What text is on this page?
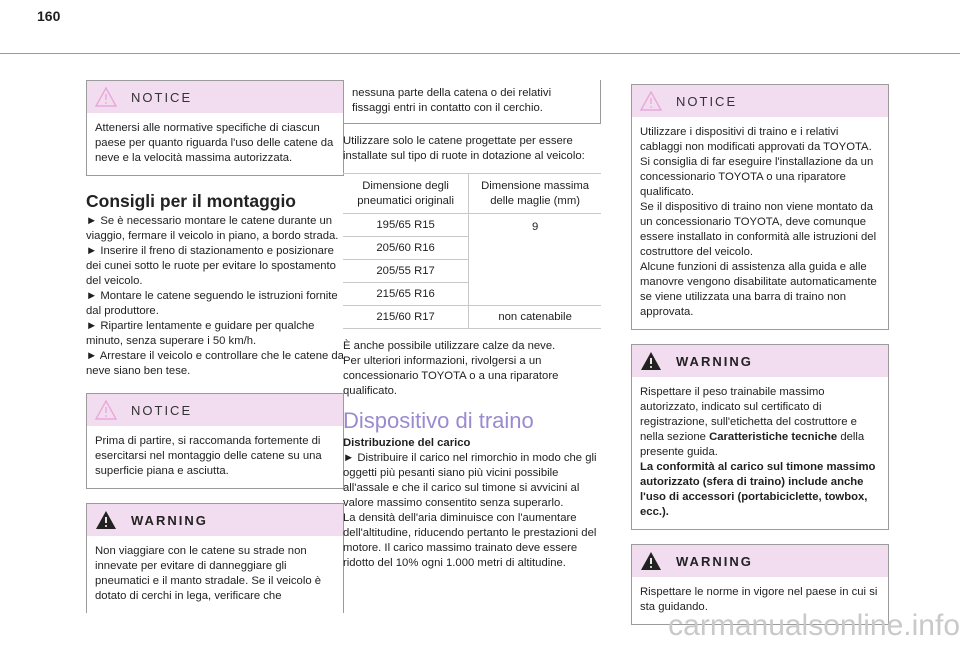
160
NOTICE

Attenersi alle normative specifiche di ciascun paese per quanto riguarda l'uso delle catene da neve e la velocità massima autorizzata.

Consigli per il montaggio

► Se è necessario montare le catene durante un viaggio, fermare il veicolo in piano, a bordo strada.

► Inserire il freno di stazionamento e posizionare dei cunei sotto le ruote per evitare lo spostamento del veicolo.

► Montare le catene seguendo le istruzioni fornite dal produttore.

► Ripartire lentamente e guidare per qualche minuto, senza superare i 50 km/h.

► Arrestare il veicolo e controllare che le catene da neve siano ben tese.

NOTICE

Prima di partire, si raccomanda fortemente di esercitarsi nel montaggio delle catene su una superficie piana e asciutta.

WARNING

Non viaggiare con le catene su strade non innevate per evitare di danneggiare gli pneumatici e il manto stradale. Se il veicolo è dotato di cerchi in lega, verificare che

nessuna parte della catena o dei relativi fissaggi entri in contatto con il cerchio.

Utilizzare solo le catene progettate per essere installate sul tipo di ruote in dotazione al veicolo:

Dimensione degli pneumatici originali	Dimensione massima delle maglie (mm)
195/65 R15	9
205/60 R16	
205/55 R17	
215/65 R16	
215/60 R17	non catenabile

È anche possibile utilizzare calze da neve.
Per ulteriori informazioni, rivolgersi a un concessionario TOYOTA o a una riparatore qualificato.

Dispositivo di traino

Distribuzione del carico

► Distribuire il carico nel rimorchio in modo che gli oggetti più pesanti siano più vicini possibile all'assale e che il carico sul timone si avvicini al valore massimo consentito senza superarlo.

La densità dell'aria diminuisce con l'aumentare dell'altitudine, riducendo pertanto le prestazioni del motore. Il carico massimo trainato deve essere ridotto del 10% ogni 1.000 metri di altitudine.

NOTICE

Utilizzare i dispositivi di traino e i relativi cablaggi non modificati approvati da TOYOTA. Si consiglia di far eseguire l'installazione da un concessionario TOYOTA o una riparatore qualificato.
Se il dispositivo di traino non viene montato da un concessionario TOYOTA, deve comunque essere installato in conformità alle istruzioni del costruttore del veicolo.
Alcune funzioni di assistenza alla guida e alle manovre vengono disabilitate automaticamente se viene utilizzata una barra di traino non approvata.

WARNING

Rispettare il peso trainabile massimo autorizzato, indicato sul certificato di registrazione, sull'etichetta del costruttore e nella sezione Caratteristiche tecniche della presente guida.

La conformità al carico sul timone massimo autorizzato (sfera di traino) include anche l'uso di accessori (portabiciclette, towbox, ecc.).

WARNING

Rispettare le norme in vigore nel paese in cui si sta guidando.

carmanualsonline.info
